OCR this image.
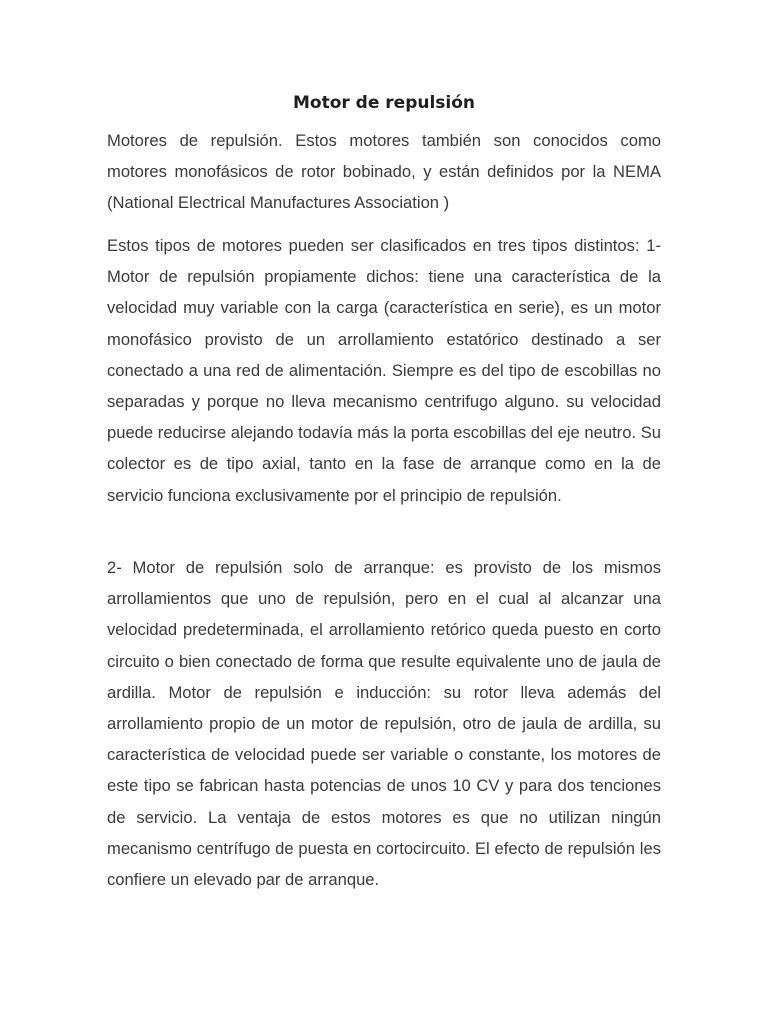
Motor de repulsión

Motores de repulsión. Estos motores también son conocidos como motores monofásicos de rotor bobinado, y están definidos por la NEMA (National Electrical Manufactures Association )

Estos tipos de motores pueden ser clasificados en tres tipos distintos: 1- Motor de repulsión propiamente dichos: tiene una característica de la velocidad muy variable con la carga (característica en serie), es un motor monofásico provisto de un arrollamiento estatórico destinado a ser conectado a una red de alimentación. Siempre es del tipo de escobillas no separadas y porque no lleva mecanismo centrifugo alguno. su velocidad puede reducirse alejando todavía más la porta escobillas del eje neutro. Su colector es de tipo axial, tanto en la fase de arranque como en la de servicio funciona exclusivamente por el principio de repulsión.

2- Motor de repulsión solo de arranque: es provisto de los mismos arrollamientos que uno de repulsión, pero en el cual al alcanzar una velocidad predeterminada, el arrollamiento retórico queda puesto en corto circuito o bien conectado de forma que resulte equivalente uno de jaula de ardilla. Motor de repulsión e inducción: su rotor lleva además del arrollamiento propio de un motor de repulsión, otro de jaula de ardilla, su característica de velocidad puede ser variable o constante, los motores de este tipo se fabrican hasta potencias de unos 10 CV y para dos tenciones de servicio. La ventaja de estos motores es que no utilizan ningún mecanismo centrífugo de puesta en cortocircuito. El efecto de repulsión les confiere un elevado par de arranque.
